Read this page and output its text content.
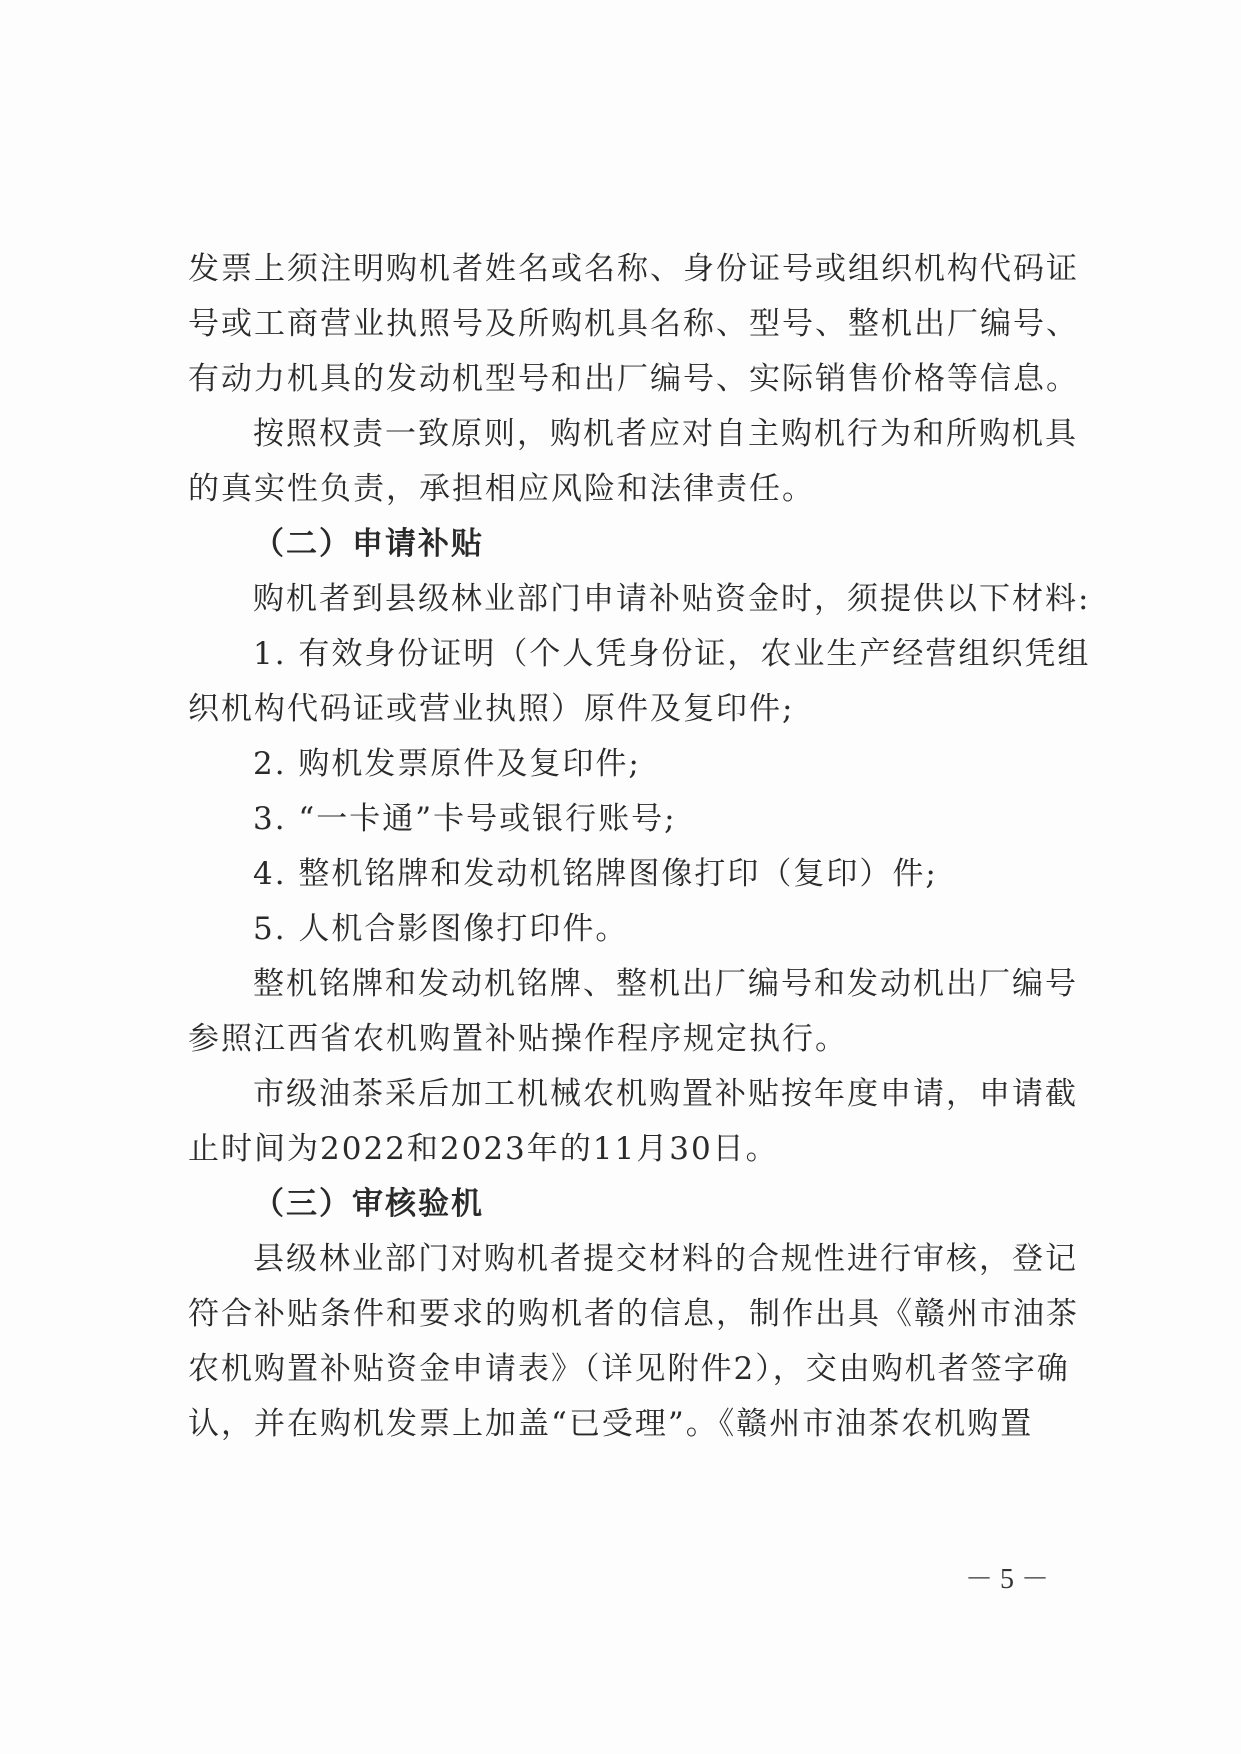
发票上须注明购机者姓名或名称、身份证号或组织机构代码证
号或工商营业执照号及所购机具名称、型号、整机出厂编号、
有动力机具的发动机型号和出厂编号、实际销售价格等信息。
按照权责一致原则，购机者应对自主购机行为和所购机具
的真实性负责，承担相应风险和法律责任。
（二）申请补贴
购机者到县级林业部门申请补贴资金时，须提供以下材料:
1. 有效身份证明（个人凭身份证，农业生产经营组织凭组
织机构代码证或营业执照）原件及复印件;
2. 购机发票原件及复印件;
3. “一卡通”卡号或银行账号;
4. 整机铭牌和发动机铭牌图像打印（复印）件;
5. 人机合影图像打印件。
整机铭牌和发动机铭牌、整机出厂编号和发动机出厂编号
参照江西省农机购置补贴操作程序规定执行。
市级油茶采后加工机械农机购置补贴按年度申请，申请截
止时间为2022和2023年的11月30日。
（三）审核验机
县级林业部门对购机者提交材料的合规性进行审核，登记
符合补贴条件和要求的购机者的信息，制作出具《赣州市油茶
农机购置补贴资金申请表》（详见附件2），交由购机者签字确
认，并在购机发票上加盖“已受理”。《赣州市油茶农机购置
－ 5 －
